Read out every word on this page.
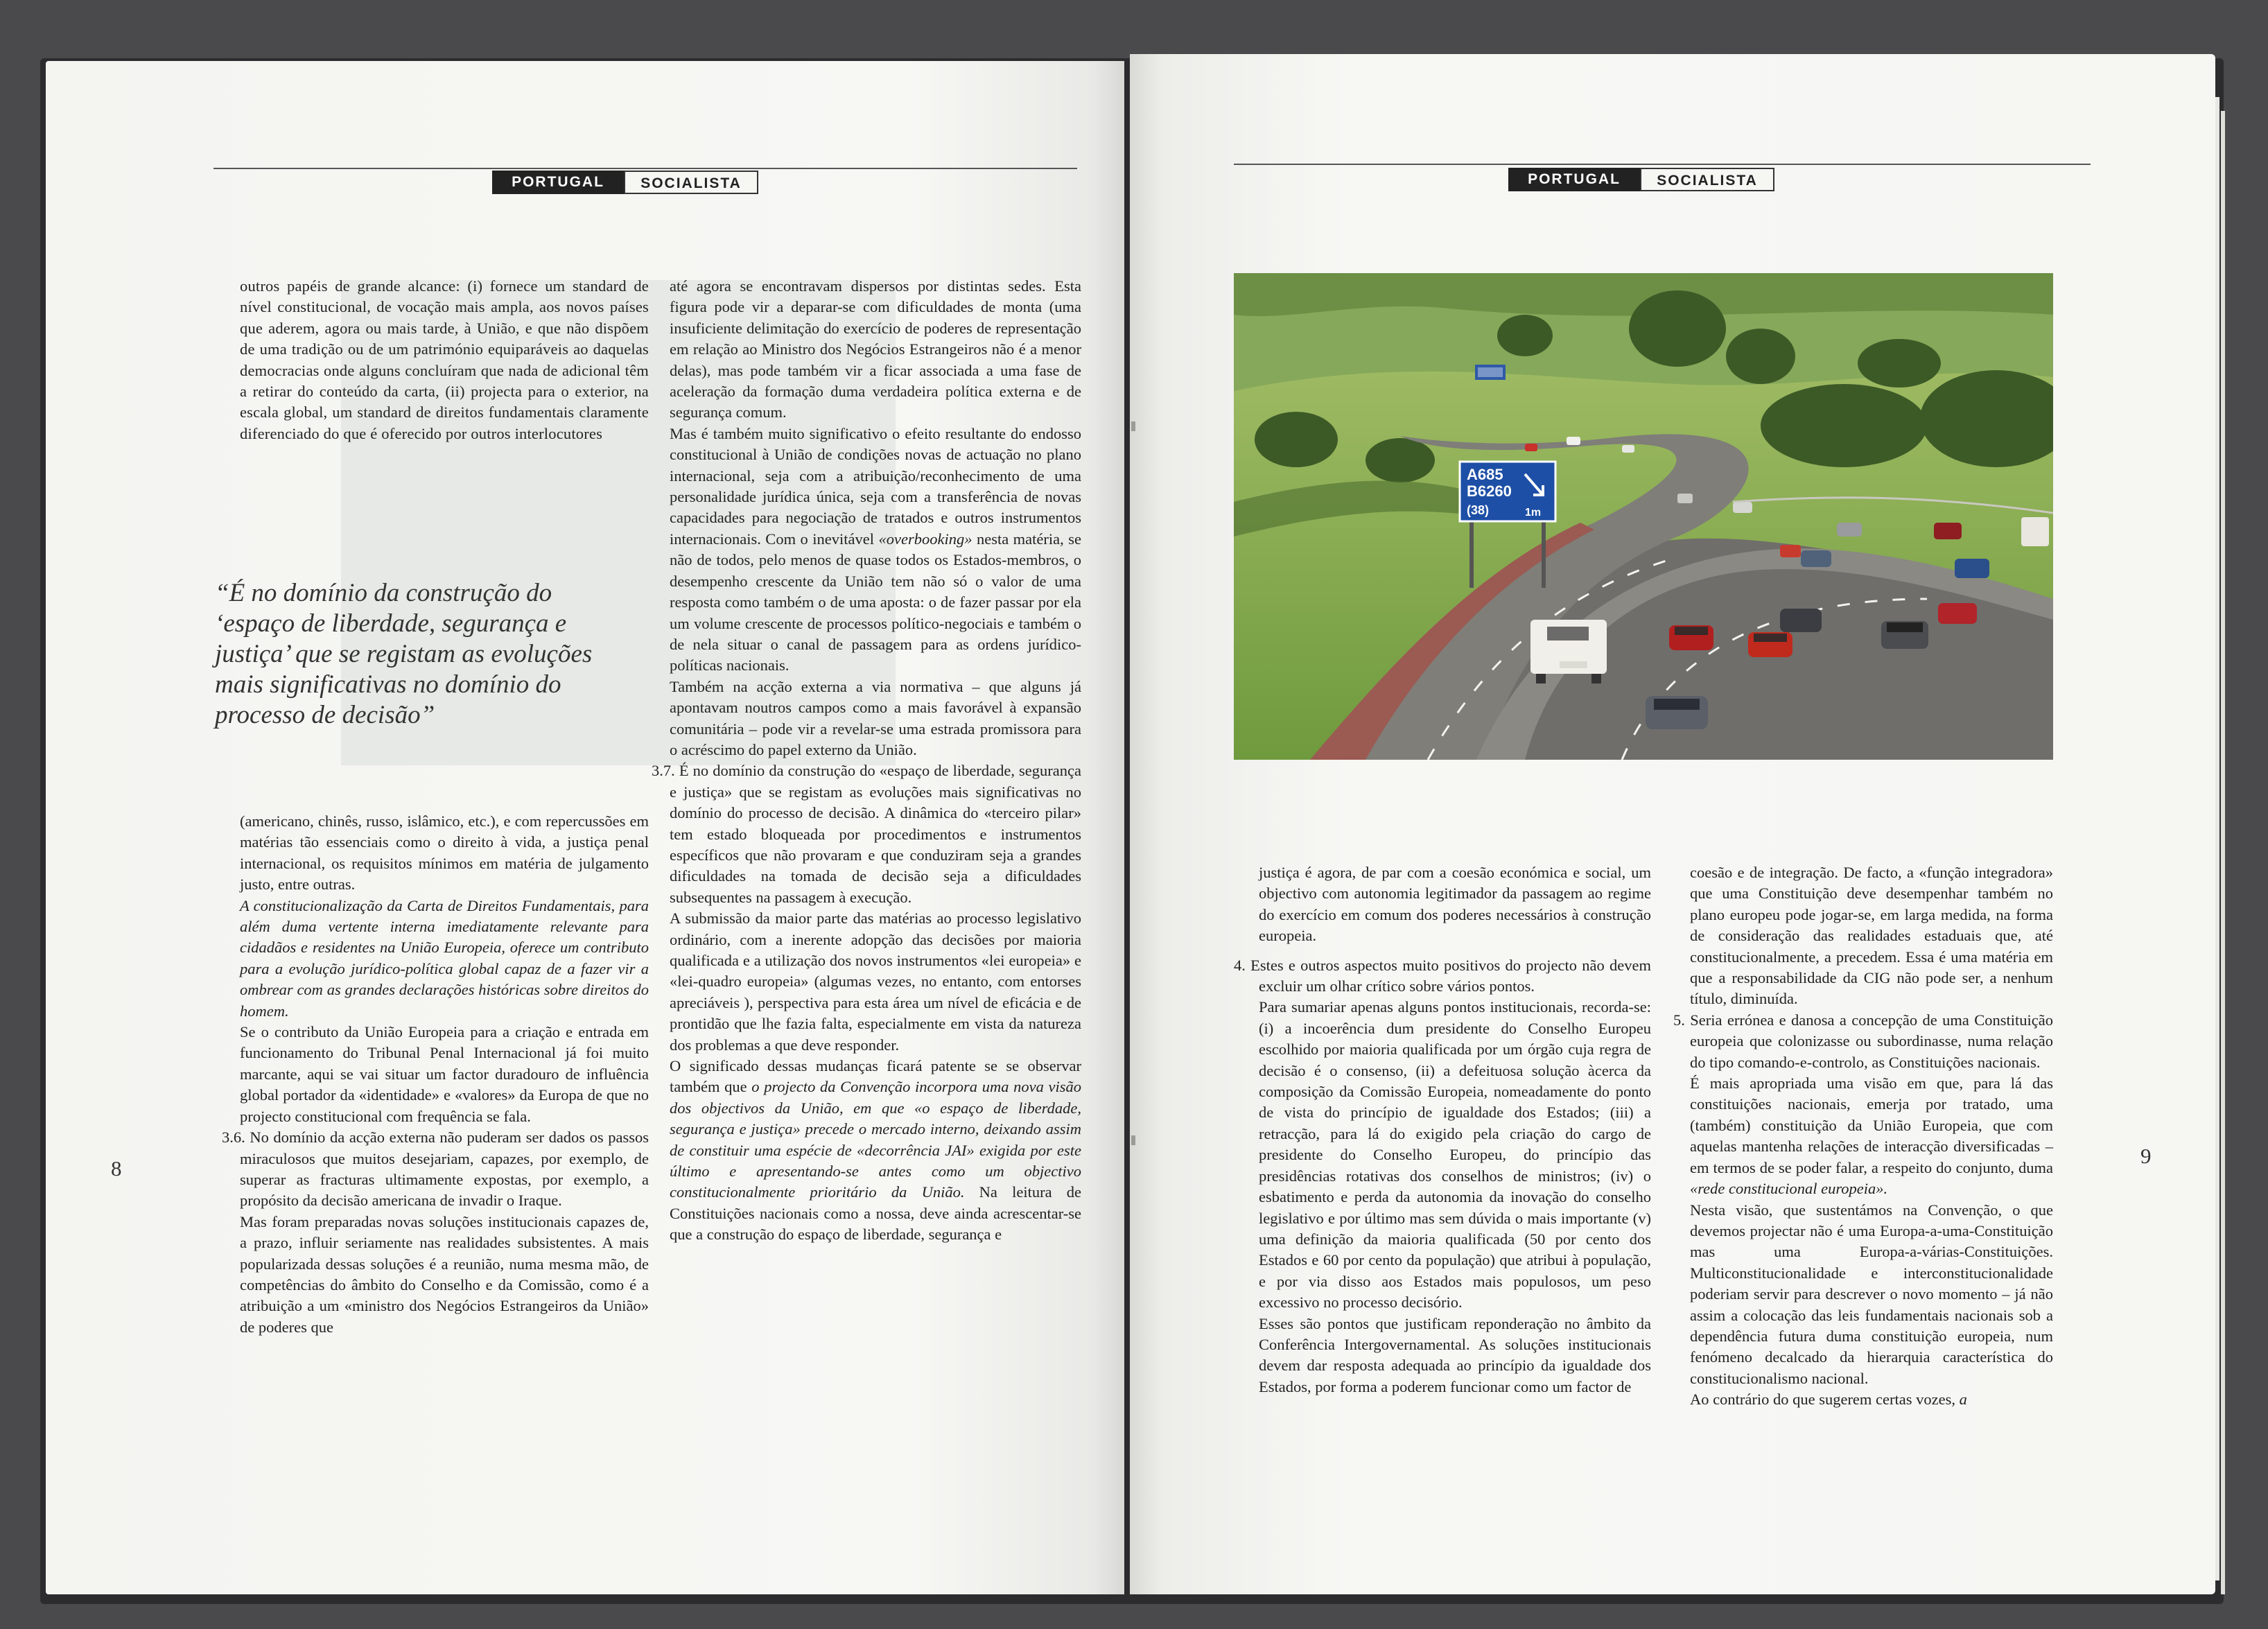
PORTUGAL	SOCIALISTA

outros papéis de grande alcance: (i) fornece um standard de nível constitucional, de vocação mais ampla, aos novos países que aderem, agora ou mais tarde, à União, e que não dispõem de uma tradição ou de um património equiparáveis ao daquelas democracias onde alguns concluíram que nada de adicional têm a retirar do conteúdo da carta, (ii) projecta para o exterior, na escala global, um standard de direitos fundamentais claramente diferenciado do que é oferecido por outros interlocutores

“É no domínio da construção do ‘espaço de liberdade, segurança e justiça’ que se registam as evoluções mais significativas no domínio do processo de decisão”

(americano, chinês, russo, islâmico, etc.), e com repercussões em matérias tão essenciais como o direito à vida, a justiça penal internacional, os requisitos mínimos em matéria de julgamento justo, entre outras.

A constitucionalização da Carta de Direitos Fundamentais, para além duma vertente interna imediatamente relevante para cidadãos e residentes na União Europeia, oferece um contributo para a evolução jurídico-política global capaz de a fazer vir a ombrear com as grandes declarações históricas sobre direitos do homem.

Se o contributo da União Europeia para a criação e entrada em funcionamento do Tribunal Penal Internacional já foi muito marcante, aqui se vai situar um factor duradouro de influência global portador da «identidade» e «valores» da Europa de que no projecto constitucional com frequência se fala.

3.6. No domínio da acção externa não puderam ser dados os passos miraculosos que muitos desejariam, capazes, por exemplo, de superar as fracturas ultimamente expostas, por exemplo, a propósito da decisão americana de invadir o Iraque.

Mas foram preparadas novas soluções institucionais capazes de, a prazo, influir seriamente nas realidades subsistentes. A mais popularizada dessas soluções é a reunião, numa mesma mão, de competências do âmbito do Conselho e da Comissão, como é a atribuição a um «ministro dos Negócios Estrangeiros da União» de poderes que

até agora se encontravam dispersos por distintas sedes. Esta figura pode vir a deparar-se com dificuldades de monta (uma insuficiente delimitação do exercício de poderes de representação em relação ao Ministro dos Negócios Estrangeiros não é a menor delas), mas pode também vir a ficar associada a uma fase de aceleração da formação duma verdadeira política externa e de segurança comum.

Mas é também muito significativo o efeito resultante do endosso constitucional à União de condições novas de actuação no plano internacional, seja com a atribuição/reconhecimento de uma personalidade jurídica única, seja com a transferência de novas capacidades para negociação de tratados e outros instrumentos internacionais. Com o inevitável «overbooking» nesta matéria, se não de todos, pelo menos de quase todos os Estados-membros, o desempenho crescente da União tem não só o valor de uma resposta como também o de uma aposta: o de fazer passar por ela um volume crescente de processos político-negociais e também o de nela situar o canal de passagem para as ordens jurídico-políticas nacionais.

Também na acção externa a via normativa – que alguns já apontavam noutros campos como a mais favorável à expansão comunitária – pode vir a revelar-se uma estrada promissora para o acréscimo do papel externo da União.

3.7. É no domínio da construção do «espaço de liberdade, segurança e justiça» que se registam as evoluções mais significativas no domínio do processo de decisão. A dinâmica do «terceiro pilar» tem estado bloqueada por procedimentos e instrumentos específicos que não provaram e que conduziram seja a grandes dificuldades na tomada de decisão seja a dificuldades subsequentes na passagem à execução.

A submissão da maior parte das matérias ao processo legislativo ordinário, com a inerente adopção das decisões por maioria qualificada e a utilização dos novos instrumentos «lei europeia» e «lei-quadro europeia» (algumas vezes, no entanto, com entorses apreciáveis ), perspectiva para esta área um nível de eficácia e de prontidão que lhe fazia falta, especialmente em vista da natureza dos problemas a que deve responder.

O significado dessas mudanças ficará patente se se observar também que o projecto da Convenção incorpora uma nova visão dos objectivos da União, em que «o espaço de liberdade, segurança e justiça» precede o mercado interno, deixando assim de constituir uma espécie de «decorrência JAI» exigida por este último e apresentando-se antes como um objectivo constitucionalmente prioritário da União. Na leitura de Constituições nacionais como a nossa, deve ainda acrescentar-se que a construção do espaço de liberdade, segurança e

8
PORTUGAL	SOCIALISTA
A685
B6260
(38)	1m

justiça é agora, de par com a coesão económica e social, um objectivo com autonomia legitimador da passagem ao regime do exercício em comum dos poderes necessários à construção europeia.

4. Estes e outros aspectos muito positivos do projecto não devem excluir um olhar crítico sobre vários pontos.

Para sumariar apenas alguns pontos institucionais, recorda-se: (i) a incoerência dum presidente do Conselho Europeu escolhido por maioria qualificada por um órgão cuja regra de decisão é o consenso, (ii) a defeituosa solução àcerca da composição da Comissão Europeia, nomeadamente do ponto de vista do princípio de igualdade dos Estados; (iii) a retracção, para lá do exigido pela criação do cargo de presidente do Conselho Europeu, do princípio das presidências rotativas dos conselhos de ministros; (iv) o esbatimento e perda da autonomia da inovação do conselho legislativo e por último mas sem dúvida o mais importante (v) uma definição da maioria qualificada (50 por cento dos Estados e 60 por cento da população) que atribui à população, e por via disso aos Estados mais populosos, um peso excessivo no processo decisório.

Esses são pontos que justificam reponderação no âmbito da Conferência Intergovernamental. As soluções institucionais devem dar resposta adequada ao princípio da igualdade dos Estados, por forma a poderem funcionar como um factor de

coesão e de integração. De facto, a «função integradora» que uma Constituição deve desempenhar também no plano europeu pode jogar-se, em larga medida, na forma de consideração das realidades estaduais que, até constitucionalmente, a precedem. Essa é uma matéria em que a responsabilidade da CIG não pode ser, a nenhum título, diminuída.

5. Seria errónea e danosa a concepção de uma Constituição europeia que colonizasse ou subordinasse, numa relação do tipo comando-e-controlo, as Constituições nacionais.

É mais apropriada uma visão em que, para lá das constituições nacionais, emerja por tratado, uma (também) constituição da União Europeia, que com aquelas mantenha relações de interacção diversificadas – em termos de se poder falar, a respeito do conjunto, duma «rede constitucional europeia».

Nesta visão, que sustentámos na Convenção, o que devemos projectar não é uma Europa-a-uma-Constituição mas uma Europa-a-várias-Constituições. Multiconstitucionalidade e interconstitucionalidade poderiam servir para descrever o novo momento – já não assim a colocação das leis fundamentais nacionais sob a dependência futura duma constituição europeia, num fenómeno decalcado da hierarquia característica do constitucionalismo nacional.

Ao contrário do que sugerem certas vozes, a

9
